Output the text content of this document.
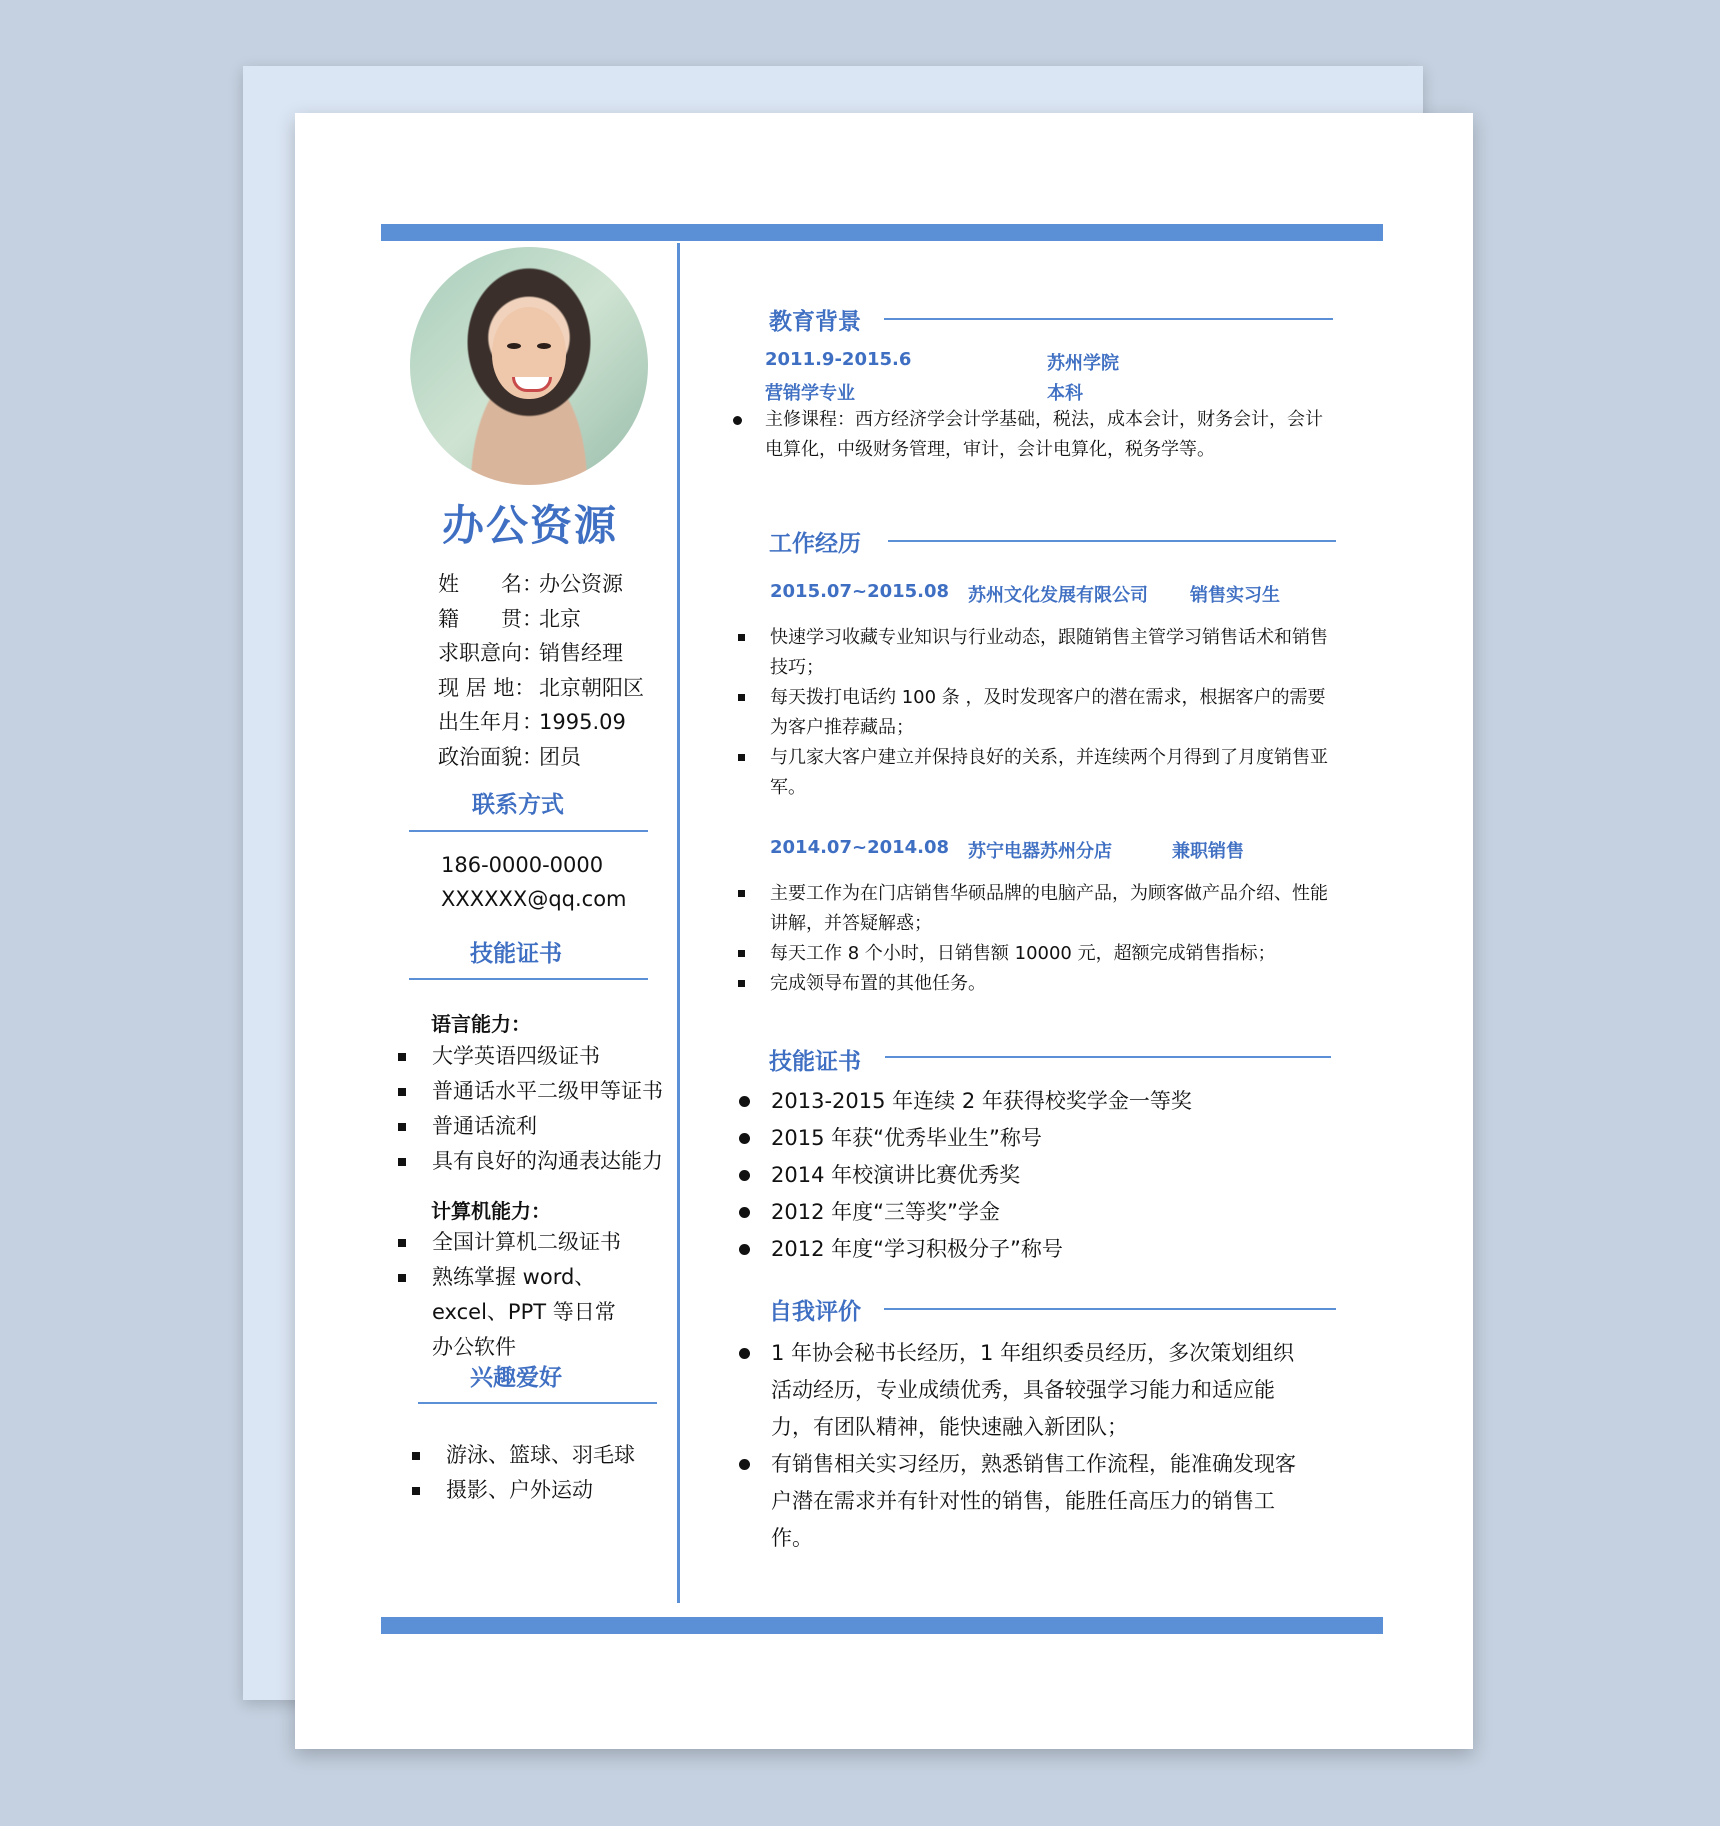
办公资源
姓　　名：
办公资源
籍　　贯：
北京
求职意向：
销售经理
现 居 地： 北京朝阳区
出生年月：
1995.09
政治面貌：
团员
联系方式
186-0000-0000
XXXXXX@qq.com
技能证书
语言能力：
大学英语四级证书
普通话水平二级甲等证书
普通话流利
具有良好的沟通表达能力
计算机能力：
全国计算机二级证书
熟练掌握 word、excel、PPT 等日常办公软件
兴趣爱好
游泳、篮球、羽毛球
摄影、户外运动
教育背景
2011.9-2015.6	苏州学院
营销学专业	本科
主修课程：西方经济学会计学基础，税法，成本会计，财务会计，会计电算化，中级财务管理，审计，会计电算化，税务学等。
工作经历
2015.07~2015.08 苏州文化发展有限公司 销售实习生
快速学习收藏专业知识与行业动态，跟随销售主管学习销售话术和销售技巧；
每天拨打电话约 100 条 ，及时发现客户的潜在需求，根据客户的需要为客户推荐藏品；
与几家大客户建立并保持良好的关系，并连续两个月得到了月度销售亚军。
2014.07~2014.08 苏宁电器苏州分店	兼职销售
主要工作为在门店销售华硕品牌的电脑产品，为顾客做产品介绍、性能讲解，并答疑解惑；
每天工作 8 个小时，日销售额 10000 元，超额完成销售指标；
完成领导布置的其他任务。
技能证书
2013-2015 年连续 2 年获得校奖学金一等奖
2015 年获“优秀毕业生”称号
2014 年校演讲比赛优秀奖
2012 年度“三等奖”学金
2012 年度“学习积极分子”称号
自我评价
1 年协会秘书长经历，1 年组织委员经历，多次策划组织活动经历，专业成绩优秀，具备较强学习能力和适应能力，有团队精神，能快速融入新团队；
有销售相关实习经历，熟悉销售工作流程，能准确发现客户潜在需求并有针对性的销售，能胜任高压力的销售工作。
